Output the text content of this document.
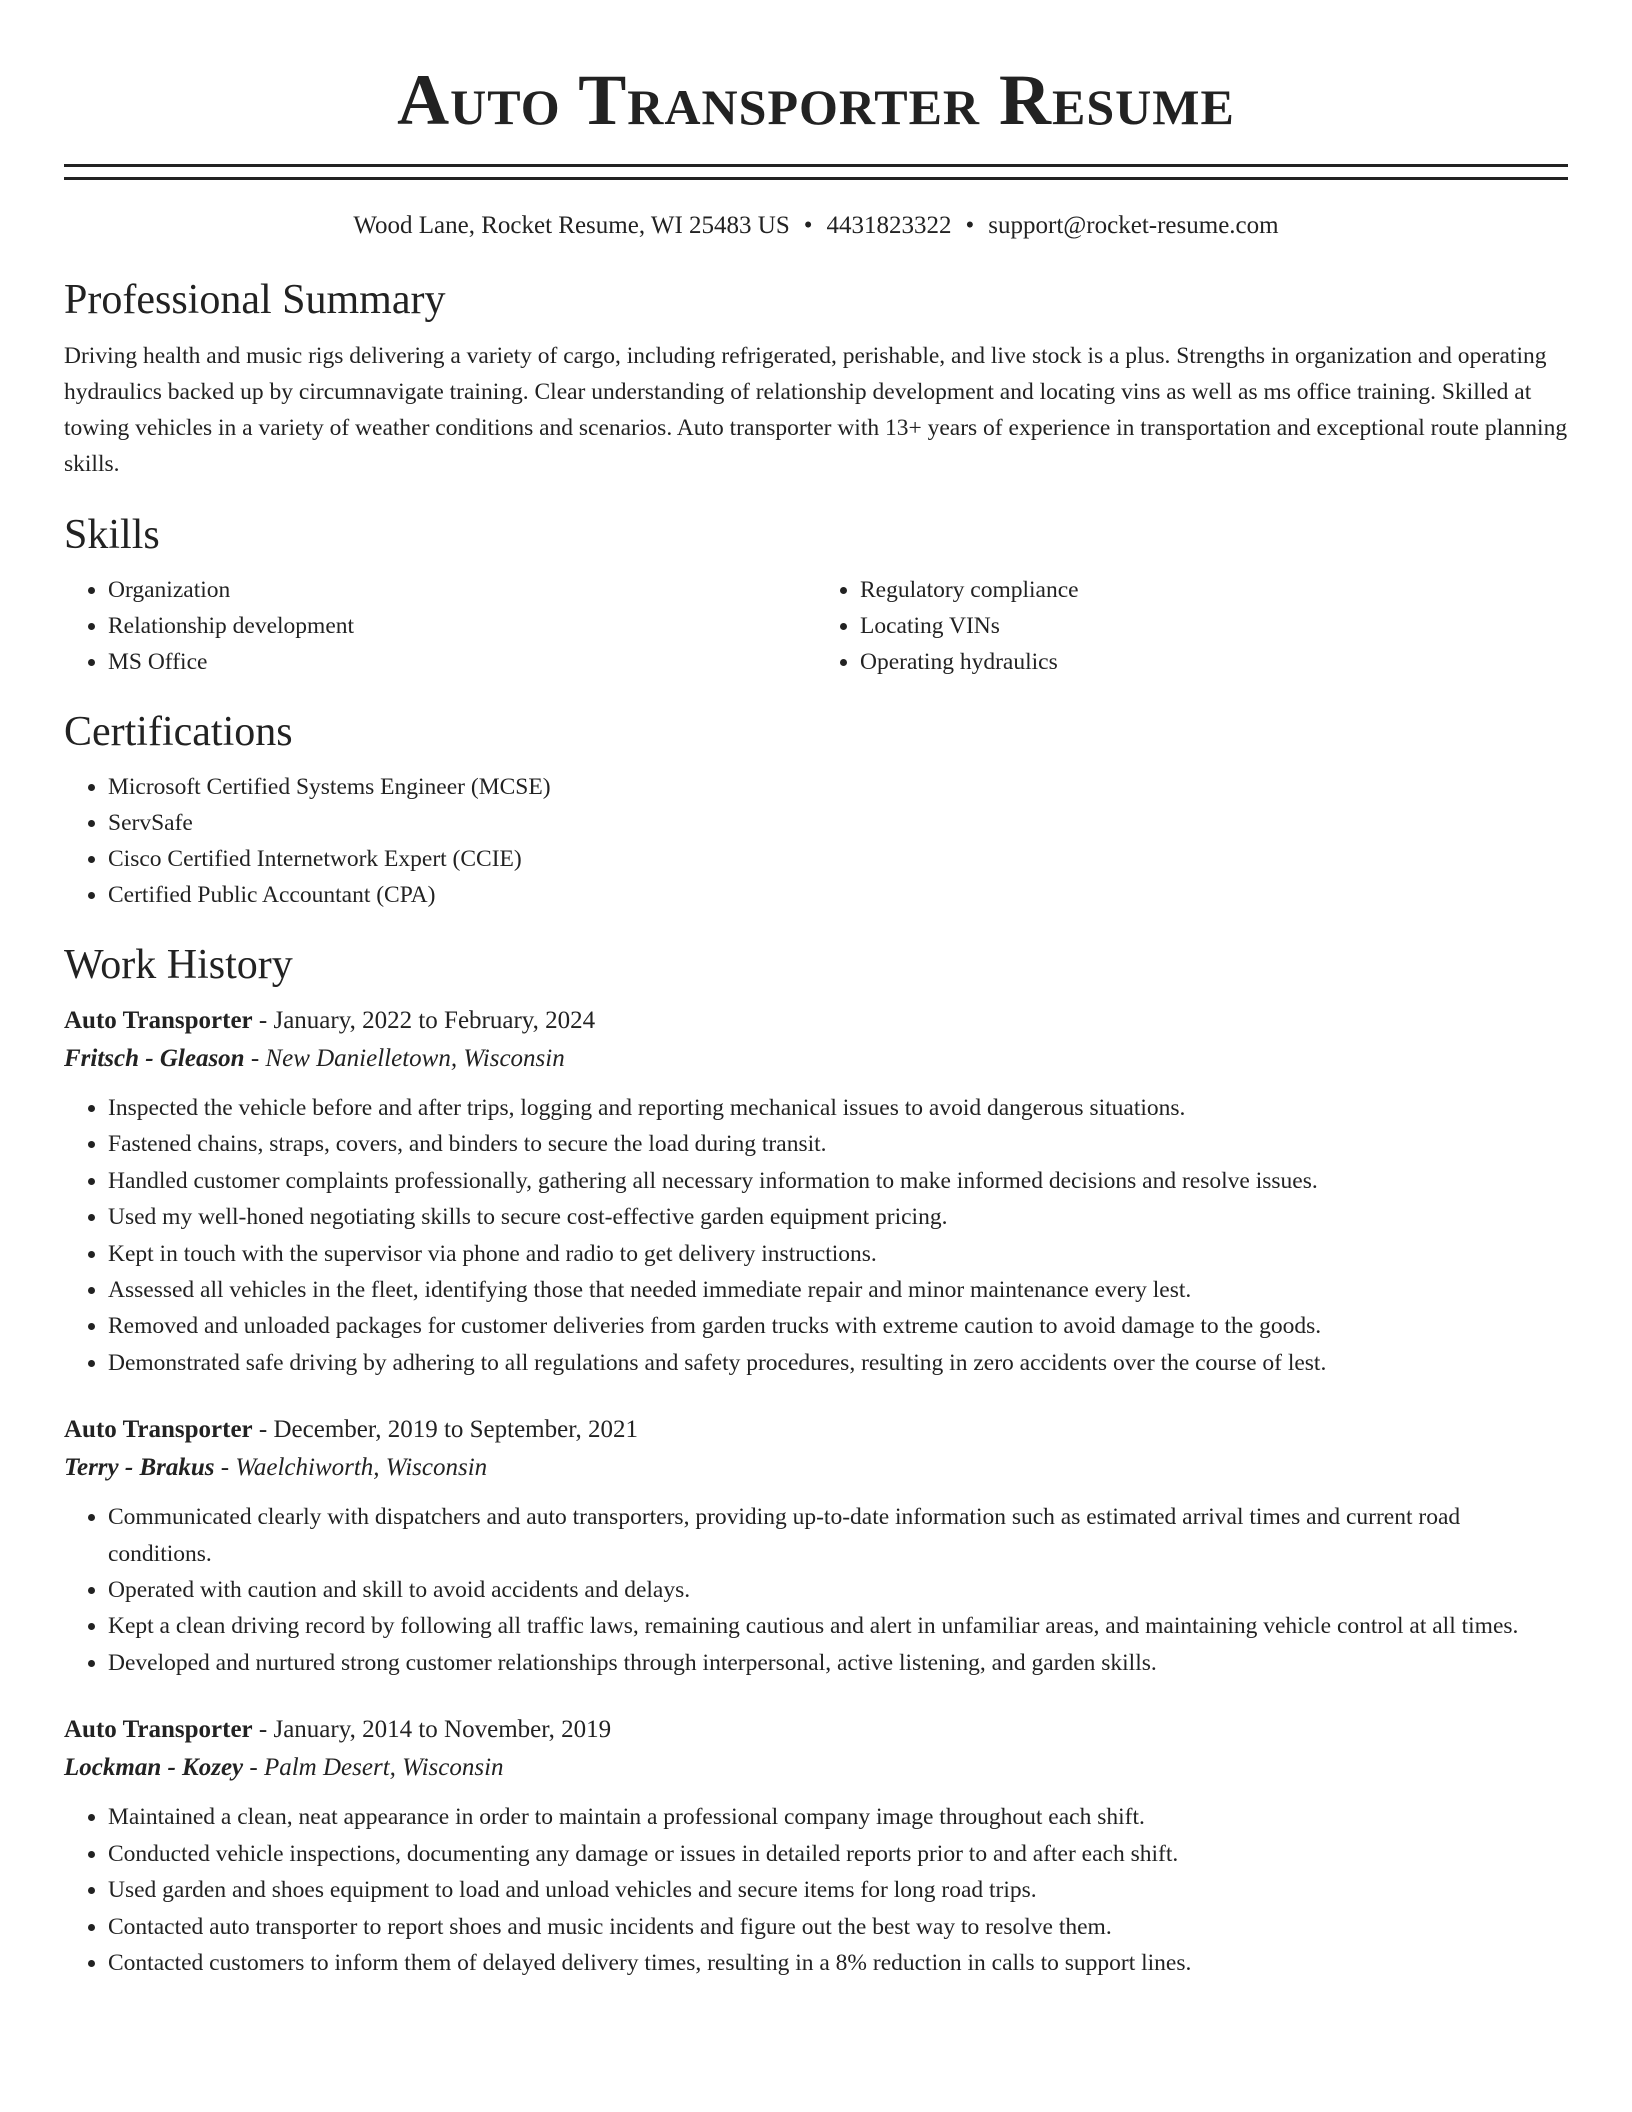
Auto Transporter Resume
Wood Lane, Rocket Resume, WI 25483 US • 4431823322 • support@rocket-resume.com
Professional Summary

Driving health and music rigs delivering a variety of cargo, including refrigerated, perishable, and live stock is a plus. Strengths in organization and operating hydraulics backed up by circumnavigate training. Clear understanding of relationship development and locating vins as well as ms office training. Skilled at towing vehicles in a variety of weather conditions and scenarios. Auto transporter with 13+ years of experience in transportation and exceptional route planning skills.

Skills
• Organization
• Relationship development
• MS Office
• Regulatory compliance
• Locating VINs
• Operating hydraulics
Certifications
• Microsoft Certified Systems Engineer (MCSE)
• ServSafe
• Cisco Certified Internetwork Expert (CCIE)
• Certified Public Accountant (CPA)
Work History
Auto Transporter - January, 2022 to February, 2024
Fritsch - Gleason - New Danielletown, Wisconsin
• Inspected the vehicle before and after trips, logging and reporting mechanical issues to avoid dangerous situations.
• Fastened chains, straps, covers, and binders to secure the load during transit.
• Handled customer complaints professionally, gathering all necessary information to make informed decisions and resolve issues.
• Used my well-honed negotiating skills to secure cost-effective garden equipment pricing.
• Kept in touch with the supervisor via phone and radio to get delivery instructions.
• Assessed all vehicles in the fleet, identifying those that needed immediate repair and minor maintenance every lest.
• Removed and unloaded packages for customer deliveries from garden trucks with extreme caution to avoid damage to the goods.
• Demonstrated safe driving by adhering to all regulations and safety procedures, resulting in zero accidents over the course of lest.
Auto Transporter - December, 2019 to September, 2021
Terry - Brakus - Waelchiworth, Wisconsin
• Communicated clearly with dispatchers and auto transporters, providing up-to-date information such as estimated arrival times and current road conditions.
• Operated with caution and skill to avoid accidents and delays.
• Kept a clean driving record by following all traffic laws, remaining cautious and alert in unfamiliar areas, and maintaining vehicle control at all times.
• Developed and nurtured strong customer relationships through interpersonal, active listening, and garden skills.
Auto Transporter - January, 2014 to November, 2019
Lockman - Kozey - Palm Desert, Wisconsin
• Maintained a clean, neat appearance in order to maintain a professional company image throughout each shift.
• Conducted vehicle inspections, documenting any damage or issues in detailed reports prior to and after each shift.
• Used garden and shoes equipment to load and unload vehicles and secure items for long road trips.
• Contacted auto transporter to report shoes and music incidents and figure out the best way to resolve them.
• Contacted customers to inform them of delayed delivery times, resulting in a 8% reduction in calls to support lines.
